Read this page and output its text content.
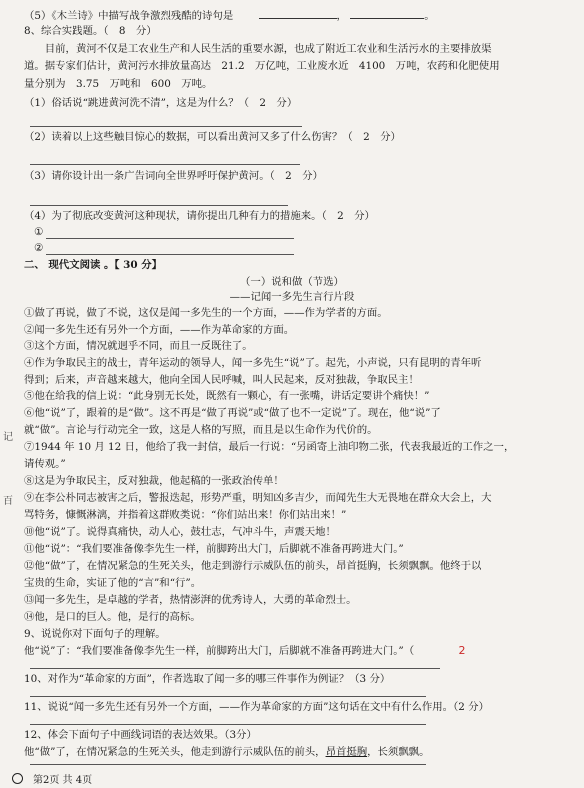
（5）《木兰诗》中描写战争激烈残酷的诗句是	，	。
8、综合实践题。（　8　分）
　　目前，黄河不仅是工农业生产和人民生活的重要水源，也成了附近工农业和生活污水的主要排放渠
道。据专家们估计，黄河污水排放量高达　21.2　万亿吨，工业废水近　4100　万吨，农药和化肥使用
量分别为　3.75　万吨和　600　万吨。
（1）俗话说“跳进黄河洗不清”，这是为什么？（　2　分）
（2）读着以上这些触目惊心的数据，可以看出黄河又多了什么伤害？（　2　分）
（3）请你设计出一条广告词向全世界呼吁保护黄河。（　2　分）
（4）为了彻底改变黄河这种现状，请你提出几种有力的措施来。（　2　分）
①
②
二、 现代文阅读 。【 30 分】
（一）说和做（节选）
——记闻一多先生言行片段
①做了再说，做了不说，这仅是闻一多先生的一个方面，——作为学者的方面。
②闻一多先生还有另外一个方面，——作为革命家的方面。
③这个方面，情况就迥乎不同，而且一反既往了。
④作为争取民主的战士，青年运动的领导人，闻一多先生“说”了。起先，小声说，只有昆明的青年听
得到；后来，声音越来越大，他向全国人民呼喊，叫人民起来，反对独裁，争取民主！
⑤他在给我的信上说：“此身别无长处，既然有一颗心，有一张嘴，讲话定要讲个痛快！”
⑥他“说”了，跟着的是“做”。这不再是“做了再说”或“做了也不一定说”了。现在，他“说”了
就“做”。言论与行动完全一致，这是人格的写照，而且是以生命作为代价的。
⑦1944 年 10 月 12 日，他给了我一封信，最后一行说：“另函寄上油印物二张，代表我最近的工作之一，
请传观。”
⑧这是为争取民主，反对独裁，他起稿的一张政治传单！
⑨在李公朴同志被害之后，警报迭起，形势严重，明知凶多吉少，而闻先生大无畏地在群众大会上，大
骂特务，慷慨淋漓，并指着这群败类说：“你们站出来！你们站出来！”
⑩他“说”了。说得真痛快，动人心，鼓壮志，气冲斗牛，声震天地！
⑪他“说”：“我们要准备像李先生一样，前脚跨出大门，后脚就不准备再跨进大门。”
⑫他“做”了，在情况紧急的生死关头，他走到游行示威队伍的前头，昂首挺胸，长须飘飘。他终于以
宝贵的生命，实证了他的“言”和“行”。
⑬闻一多先生，是卓越的学者，热情澎湃的优秀诗人，大勇的革命烈士。
⑭他，是口的巨人。他，是行的高标。
9、说说你对下面句子的理解。
他“说”了：“我们要准备像李先生一样，前脚跨出大门，后脚就不准备再跨进大门。”（	2
10、对作为“革命家的方面”，作者选取了闻一多的哪三件事作为例证？（3 分）
11、说说“闻一多先生还有另外一个方面，——作为革命家的方面”这句话在文中有什么作用。（2 分）
12、体会下面句子中画线词语的表达效果。（3分）
他“做”了，在情况紧急的生死关头，他走到游行示威队伍的前头，昂首挺胸，长须飘飘。
记
百
第2页 共 4页
